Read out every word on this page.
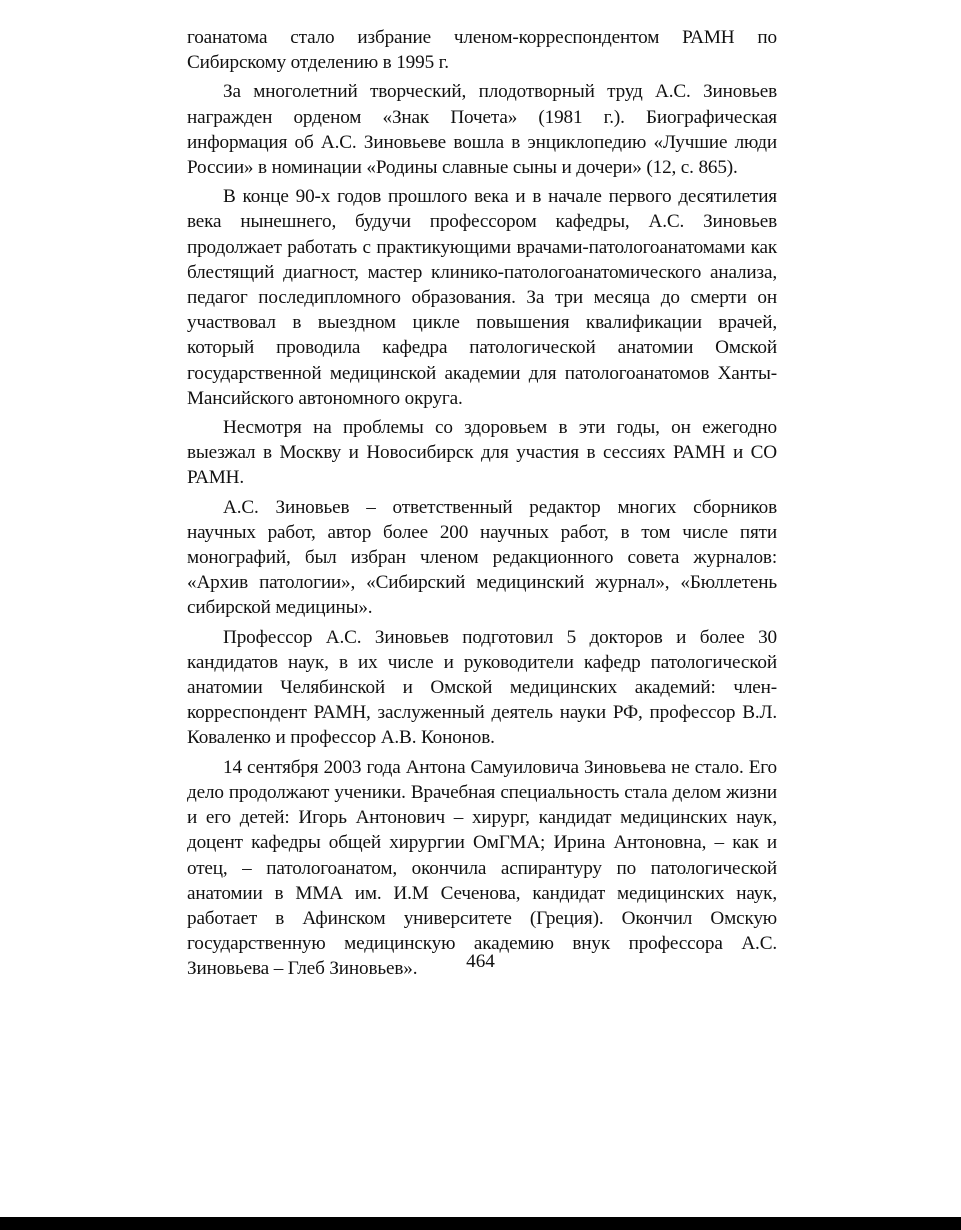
гоанатома стало избрание членом-корреспондентом РАМН по Сибирскому отделению в 1995 г.

За многолетний творческий, плодотворный труд А.С. Зиновьев награжден орденом «Знак Почета» (1981 г.). Биографическая информация об А.С. Зиновьеве вошла в энциклопедию «Лучшие люди России» в номинации «Родины славные сыны и дочери» (12, с. 865).

В конце 90-х годов прошлого века и в начале первого десятилетия века нынешнего, будучи профессором кафедры, А.С. Зиновьев продолжает работать с практикующими врачами-патологоанатомами как блестящий диагност, мастер клинико-патологоанатомического анализа, педагог последипломного образования. За три месяца до смерти он участвовал в выездном цикле повышения квалификации врачей, который проводила кафедра патологической анатомии Омской государственной медицинской академии для патологоанатомов Ханты-Мансийского автономного округа.

Несмотря на проблемы со здоровьем в эти годы, он ежегодно выезжал в Москву и Новосибирск для участия в сессиях РАМН и СО РАМН.

А.С. Зиновьев – ответственный редактор многих сборников научных работ, автор более 200 научных работ, в том числе пяти монографий, был избран членом редакционного совета журналов: «Архив патологии», «Сибирский медицинский журнал», «Бюллетень сибирской медицины».

Профессор А.С. Зиновьев подготовил 5 докторов и более 30 кандидатов наук, в их числе и руководители кафедр патологической анатомии Челябинской и Омской медицинских академий: член-корреспондент РАМН, заслуженный деятель науки РФ, профессор В.Л. Коваленко и профессор А.В. Кононов.

14 сентября 2003 года Антона Самуиловича Зиновьева не стало. Его дело продолжают ученики. Врачебная специальность стала делом жизни и его детей: Игорь Антонович – хирург, кандидат медицинских наук, доцент кафедры общей хирургии ОмГМА; Ирина Антоновна, – как и отец, – патологоанатом, окончила аспирантуру по патологической анатомии в ММА им. И.М Сеченова, кандидат медицинских наук, работает в Афинском университете (Греция). Окончил Омскую государственную медицинскую академию внук профессора А.С. Зиновьева – Глеб Зиновьев».	464
